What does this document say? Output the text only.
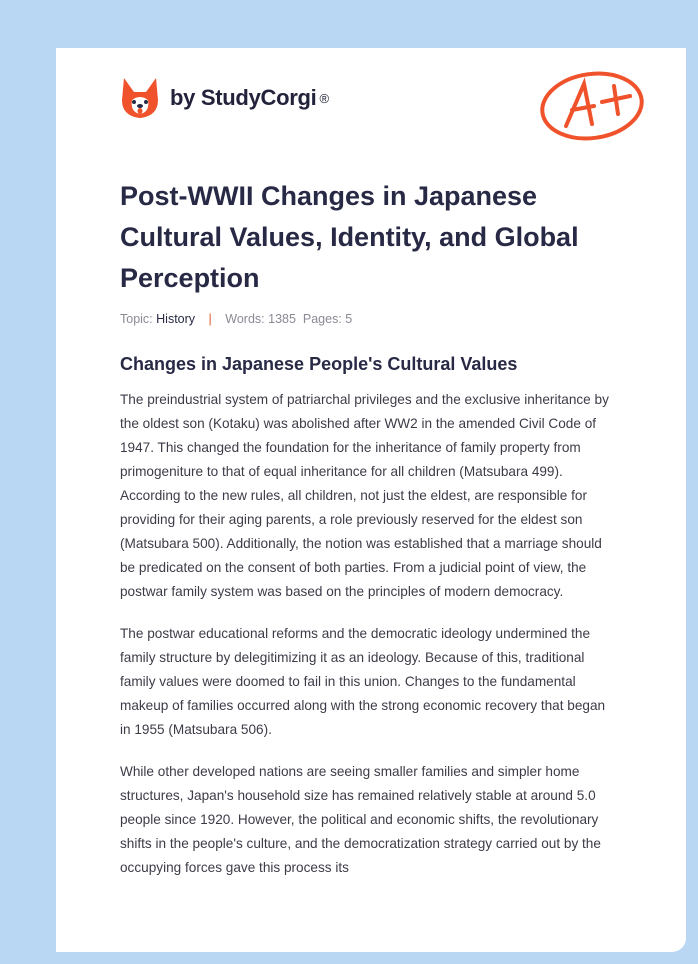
by StudyCorgi ®
Post-WWII Changes in Japanese Cultural Values, Identity, and Global Perception
Topic: History | Words: 1385 Pages: 5
Changes in Japanese People's Cultural Values

The preindustrial system of patriarchal privileges and the exclusive inheritance by the oldest son (Kotaku) was abolished after WW2 in the amended Civil Code of 1947. This changed the foundation for the inheritance of family property from primogeniture to that of equal inheritance for all children (Matsubara 499). According to the new rules, all children, not just the eldest, are responsible for providing for their aging parents, a role previously reserved for the eldest son (Matsubara 500). Additionally, the notion was established that a marriage should be predicated on the consent of both parties. From a judicial point of view, the postwar family system was based on the principles of modern democracy.

The postwar educational reforms and the democratic ideology undermined the family structure by delegitimizing it as an ideology. Because of this, traditional family values were doomed to fail in this union. Changes to the fundamental makeup of families occurred along with the strong economic recovery that began in 1955 (Matsubara 506).

While other developed nations are seeing smaller families and simpler home structures, Japan's household size has remained relatively stable at around 5.0 people since 1920. However, the political and economic shifts, the revolutionary shifts in the people's culture, and the democratization strategy carried out by the occupying forces gave this process its
